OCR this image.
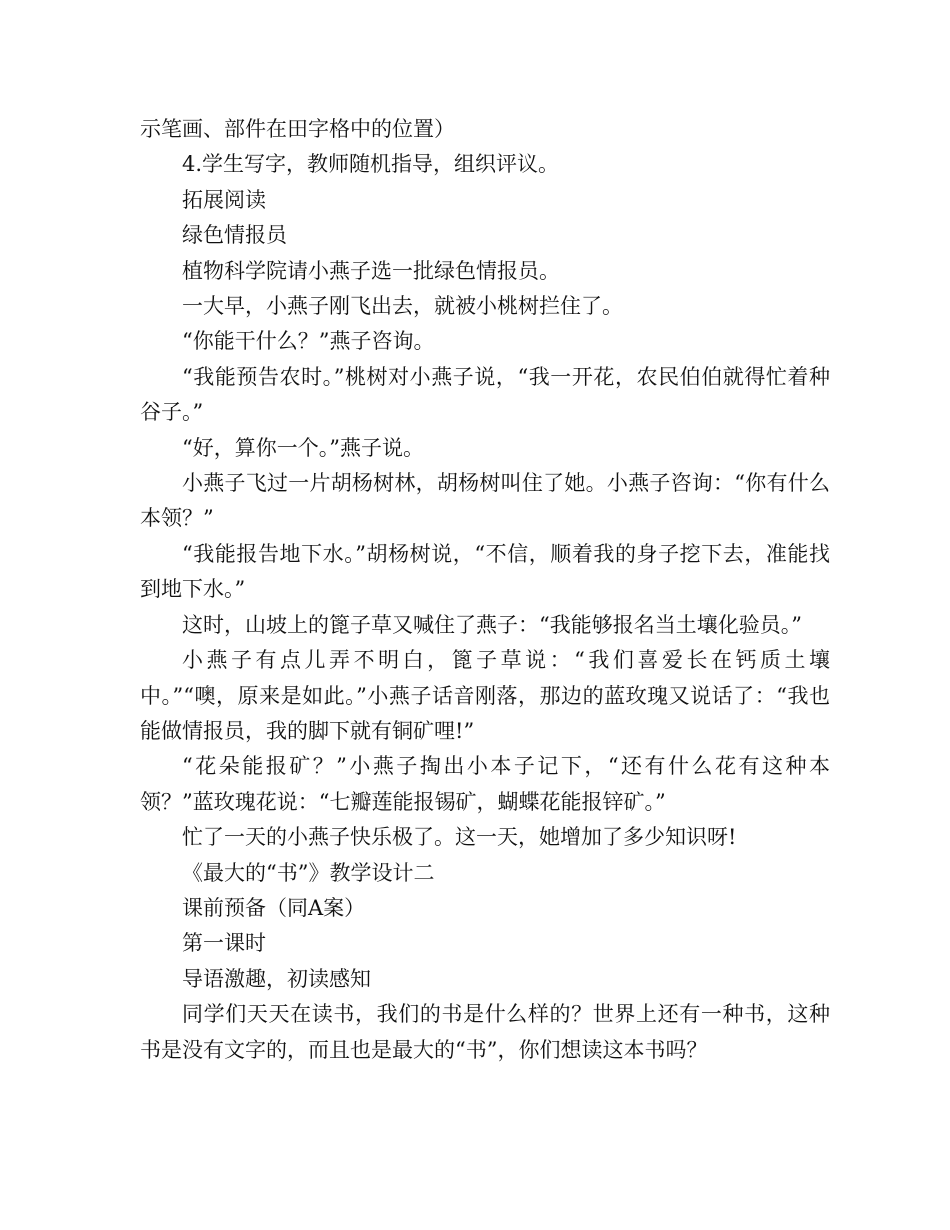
示笔画、部件在田字格中的位置）

4.学生写字，教师随机指导，组织评议。

拓展阅读

绿色情报员

植物科学院请小燕子选一批绿色情报员。

一大早，小燕子刚飞出去，就被小桃树拦住了。

“你能干什么？”燕子咨询。

“我能预告农时。”桃树对小燕子说，“我一开花，农民伯伯就得忙着种谷子。”

“好，算你一个。”燕子说。

小燕子飞过一片胡杨树林，胡杨树叫住了她。小燕子咨询：“你有什么本领？”

“我能报告地下水。”胡杨树说，“不信，顺着我的身子挖下去，准能找到地下水。”

这时，山坡上的篦子草又喊住了燕子：“我能够报名当土壤化验员。”

小燕子有点儿弄不明白，篦子草说：“我们喜爱长在钙质土壤中。”“噢，原来是如此。”小燕子话音刚落，那边的蓝玫瑰又说话了：“我也能做情报员，我的脚下就有铜矿哩!”

“花朵能报矿？”小燕子掏出小本子记下，“还有什么花有这种本领？”蓝玫瑰花说：“七瓣莲能报锡矿，蝴蝶花能报锌矿。”

忙了一天的小燕子快乐极了。这一天，她增加了多少知识呀!

《最大的“书”》教学设计二

课前预备（同A案）

第一课时

导语激趣，初读感知

同学们天天在读书，我们的书是什么样的？世界上还有一种书，这种书是没有文字的，而且也是最大的“书”，你们想读这本书吗？
